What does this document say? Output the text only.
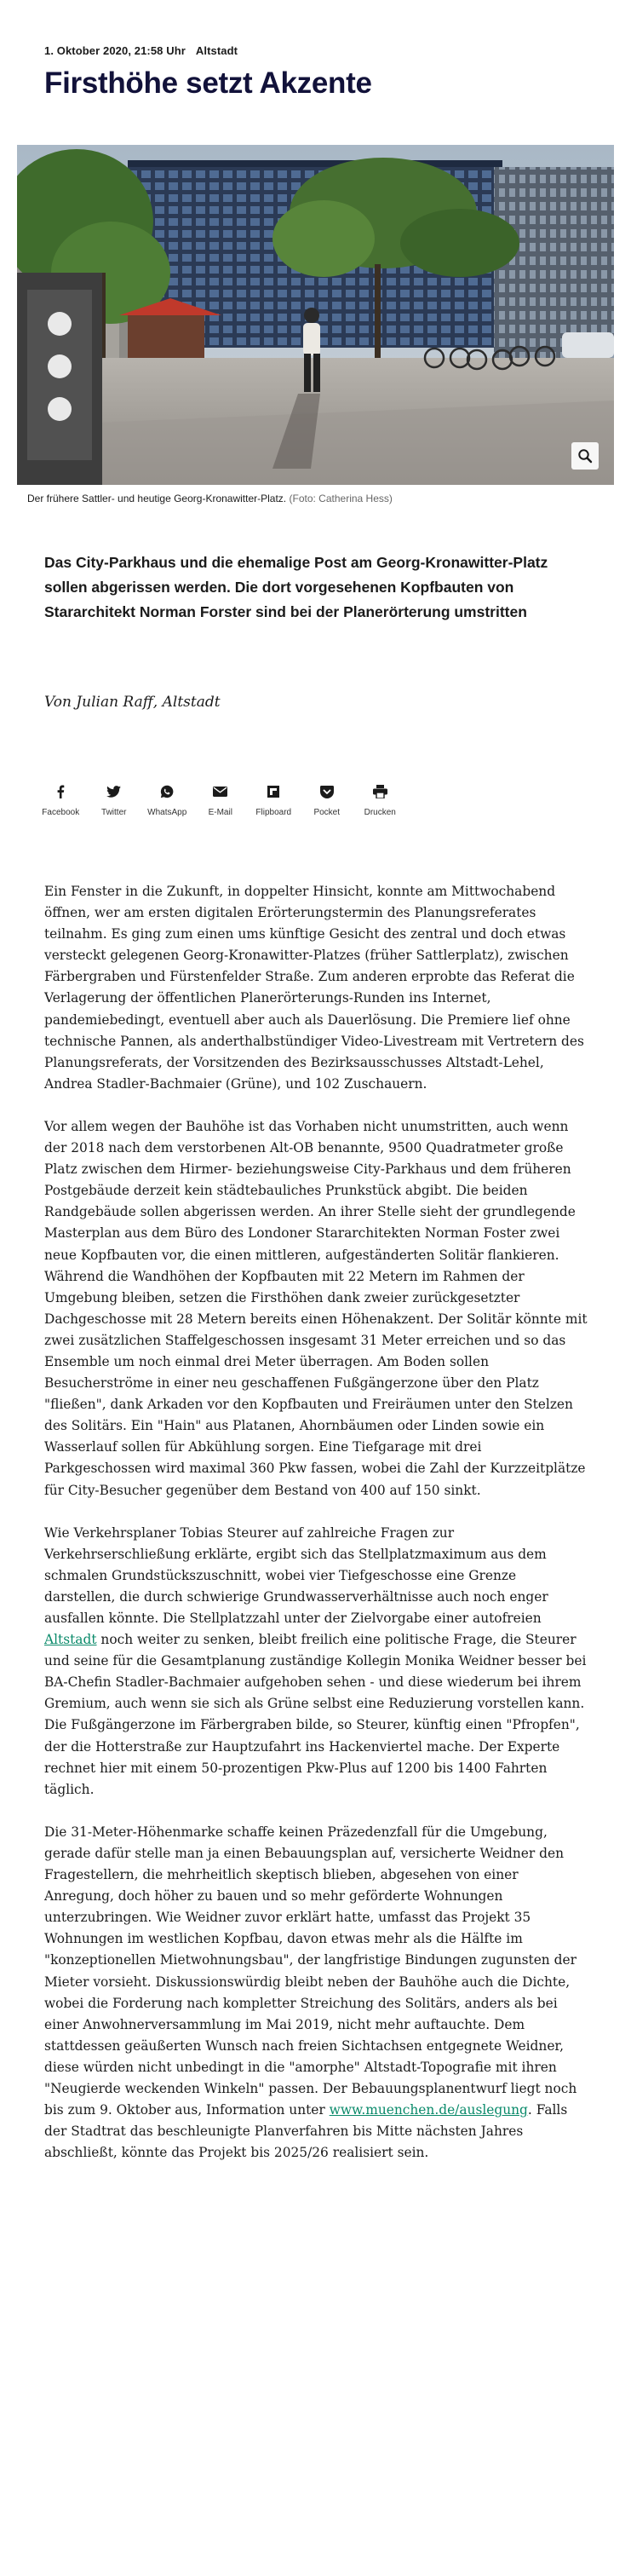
1. Oktober 2020, 21:58 Uhr Altstadt
Firsthöhe setzt Akzente
Der frühere Sattler- und heutige Georg-Kronawitter-Platz. (Foto: Catherina Hess)

Das City-Parkhaus und die ehemalige Post am Georg-Kronawitter-Platz sollen abgerissen werden. Die dort vorgesehenen Kopfbauten von Stararchitekt Norman Forster sind bei der Planerörterung umstritten

Von Julian Raff, Altstadt

Facebook	Twitter WhatsApp	E-Mail	Flipboard	Pocket	Drucken

Ein Fenster in die Zukunft, in doppelter Hinsicht, konnte am Mittwochabend öffnen, wer am ersten digitalen Erörterungstermin des Planungsreferates teilnahm. Es ging zum einen ums künftige Gesicht des zentral und doch etwas versteckt gelegenen Georg-Kronawitter-Platzes (früher Sattlerplatz), zwischen Färbergraben und Fürstenfelder Straße. Zum anderen erprobte das Referat die Verlagerung der öffentlichen Planerörterungs-Runden ins Internet, pandemiebedingt, eventuell aber auch als Dauerlösung. Die Premiere lief ohne technische Pannen, als anderthalbstündiger Video-Livestream mit Vertretern des Planungsreferats, der Vorsitzenden des Bezirksausschusses Altstadt-Lehel, Andrea Stadler-Bachmaier (Grüne), und 102 Zuschauern.

Vor allem wegen der Bauhöhe ist das Vorhaben nicht unumstritten, auch wenn der 2018 nach dem verstorbenen Alt-OB benannte, 9500 Quadratmeter große Platz zwischen dem Hirmer- beziehungsweise City-Parkhaus und dem früheren Postgebäude derzeit kein städtebauliches Prunkstück abgibt. Die beiden Randgebäude sollen abgerissen werden. An ihrer Stelle sieht der grundlegende Masterplan aus dem Büro des Londoner Stararchitekten Norman Foster zwei neue Kopfbauten vor, die einen mittleren, aufgeständerten Solitär flankieren. Während die Wandhöhen der Kopfbauten mit 22 Metern im Rahmen der Umgebung bleiben, setzen die Firsthöhen dank zweier zurückgesetzter Dachgeschosse mit 28 Metern bereits einen Höhenakzent. Der Solitär könnte mit zwei zusätzlichen Staffelgeschossen insgesamt 31 Meter erreichen und so das Ensemble um noch einmal drei Meter überragen. Am Boden sollen Besucherströme in einer neu geschaffenen Fußgängerzone über den Platz "fließen", dank Arkaden vor den Kopfbauten und Freiräumen unter den Stelzen des Solitärs. Ein "Hain" aus Platanen, Ahornbäumen oder Linden sowie ein Wasserlauf sollen für Abkühlung sorgen. Eine Tiefgarage mit drei Parkgeschossen wird maximal 360 Pkw fassen, wobei die Zahl der Kurzzeitplätze für City-Besucher gegenüber dem Bestand von 400 auf 150 sinkt.

Wie Verkehrsplaner Tobias Steurer auf zahlreiche Fragen zur Verkehrserschließung erklärte, ergibt sich das Stellplatzmaximum aus dem schmalen Grundstückszuschnitt, wobei vier Tiefgeschosse eine Grenze darstellen, die durch schwierige Grundwasserverhältnisse auch noch enger ausfallen könnte. Die Stellplatzzahl unter der Zielvorgabe einer autofreien Altstadt noch weiter zu senken, bleibt freilich eine politische Frage, die Steurer und seine für die Gesamtplanung zuständige Kollegin Monika Weidner besser bei BA-Chefin Stadler-Bachmaier aufgehoben sehen - und diese wiederum bei ihrem Gremium, auch wenn sie sich als Grüne selbst eine Reduzierung vorstellen kann. Die Fußgängerzone im Färbergraben bilde, so Steurer, künftig einen "Pfropfen", der die Hotterstraße zur Hauptzufahrt ins Hackenviertel mache. Der Experte rechnet hier mit einem 50-prozentigen Pkw-Plus auf 1200 bis 1400 Fahrten täglich.

Die 31-Meter-Höhenmarke schaffe keinen Präzedenzfall für die Umgebung, gerade dafür stelle man ja einen Bebauungsplan auf, versicherte Weidner den Fragestellern, die mehrheitlich skeptisch blieben, abgesehen von einer Anregung, doch höher zu bauen und so mehr geförderte Wohnungen unterzubringen. Wie Weidner zuvor erklärt hatte, umfasst das Projekt 35 Wohnungen im westlichen Kopfbau, davon etwas mehr als die Hälfte im "konzeptionellen Mietwohnungsbau", der langfristige Bindungen zugunsten der Mieter vorsieht. Diskussionswürdig bleibt neben der Bauhöhe auch die Dichte, wobei die Forderung nach kompletter Streichung des Solitärs, anders als bei einer Anwohnerversammlung im Mai 2019, nicht mehr auftauchte. Dem stattdessen geäußerten Wunsch nach freien Sichtachsen entgegnete Weidner, diese würden nicht unbedingt in die "amorphe" Altstadt-Topografie mit ihren "Neugierde weckenden Winkeln" passen. Der Bebauungsplanentwurf liegt noch bis zum 9. Oktober aus, Information unter www.muenchen.de/auslegung. Falls der Stadtrat das beschleunigte Planverfahren bis Mitte nächsten Jahres abschließt, könnte das Projekt bis 2025/26 realisiert sein.
